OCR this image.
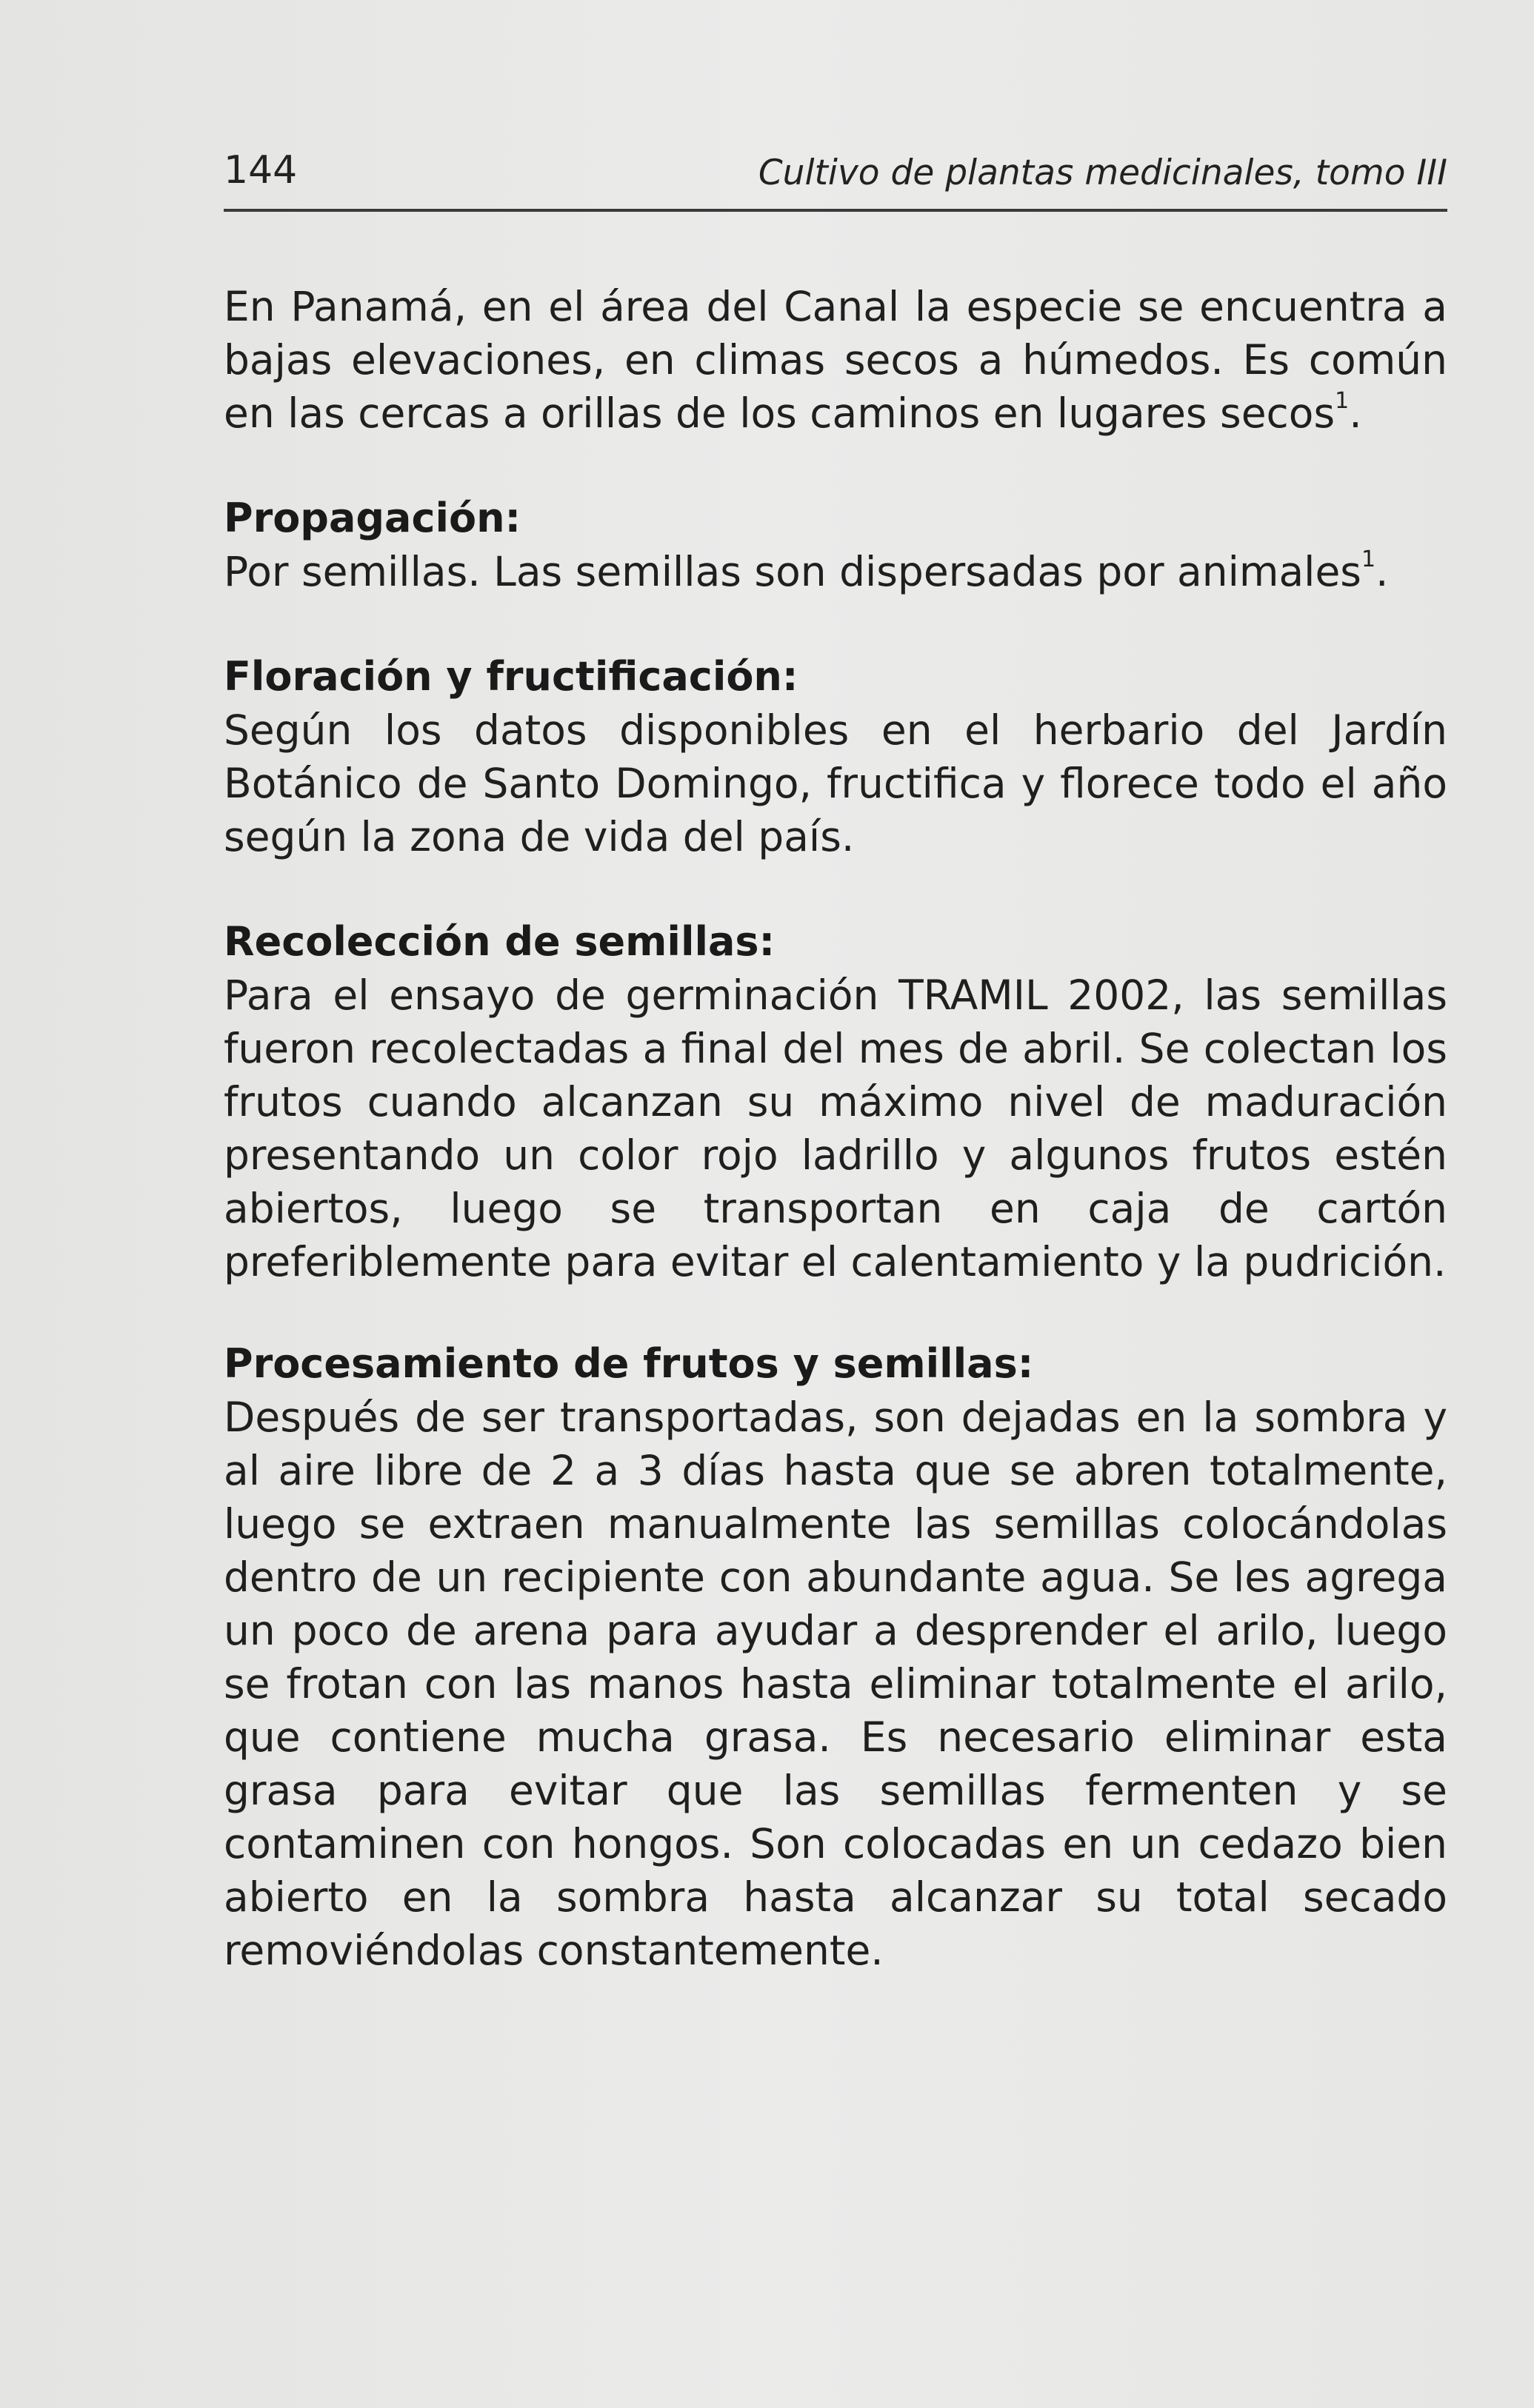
144	Cultivo de plantas medicinales, tomo III

En Panamá, en el área del Canal la especie se encuentra a bajas elevaciones, en climas secos a húmedos. Es común en las cercas a orillas de los caminos en lugares secos$^1$.

Propagación:

Por semillas. Las semillas son dispersadas por animales$^1$.

Floración y fructificación:

Según los datos disponibles en el herbario del Jardín Botánico de Santo Domingo, fructifica y florece todo el año según la zona de vida del país.

Recolección de semillas:

Para el ensayo de germinación TRAMIL 2002, las semillas fueron recolectadas a final del mes de abril. Se colectan los frutos cuando alcanzan su máximo nivel de maduración presentando un color rojo ladrillo y algunos frutos estén abiertos, luego se transportan en caja de cartón preferiblemente para evitar el calentamiento y la pudrición.

Procesamiento de frutos y semillas:

Después de ser transportadas, son dejadas en la sombra y al aire libre de 2 a 3 días hasta que se abren totalmente, luego se extraen manualmente las semillas colocándolas dentro de un recipiente con abundante agua. Se les agrega un poco de arena para ayudar a desprender el arilo, luego se frotan con las manos hasta eliminar totalmente el arilo, que contiene mucha grasa. Es necesario eliminar esta grasa para evitar que las semillas fermenten y se contaminen con hongos. Son colocadas en un cedazo bien abierto en la sombra hasta alcanzar su total secado removiéndolas constantemente.
